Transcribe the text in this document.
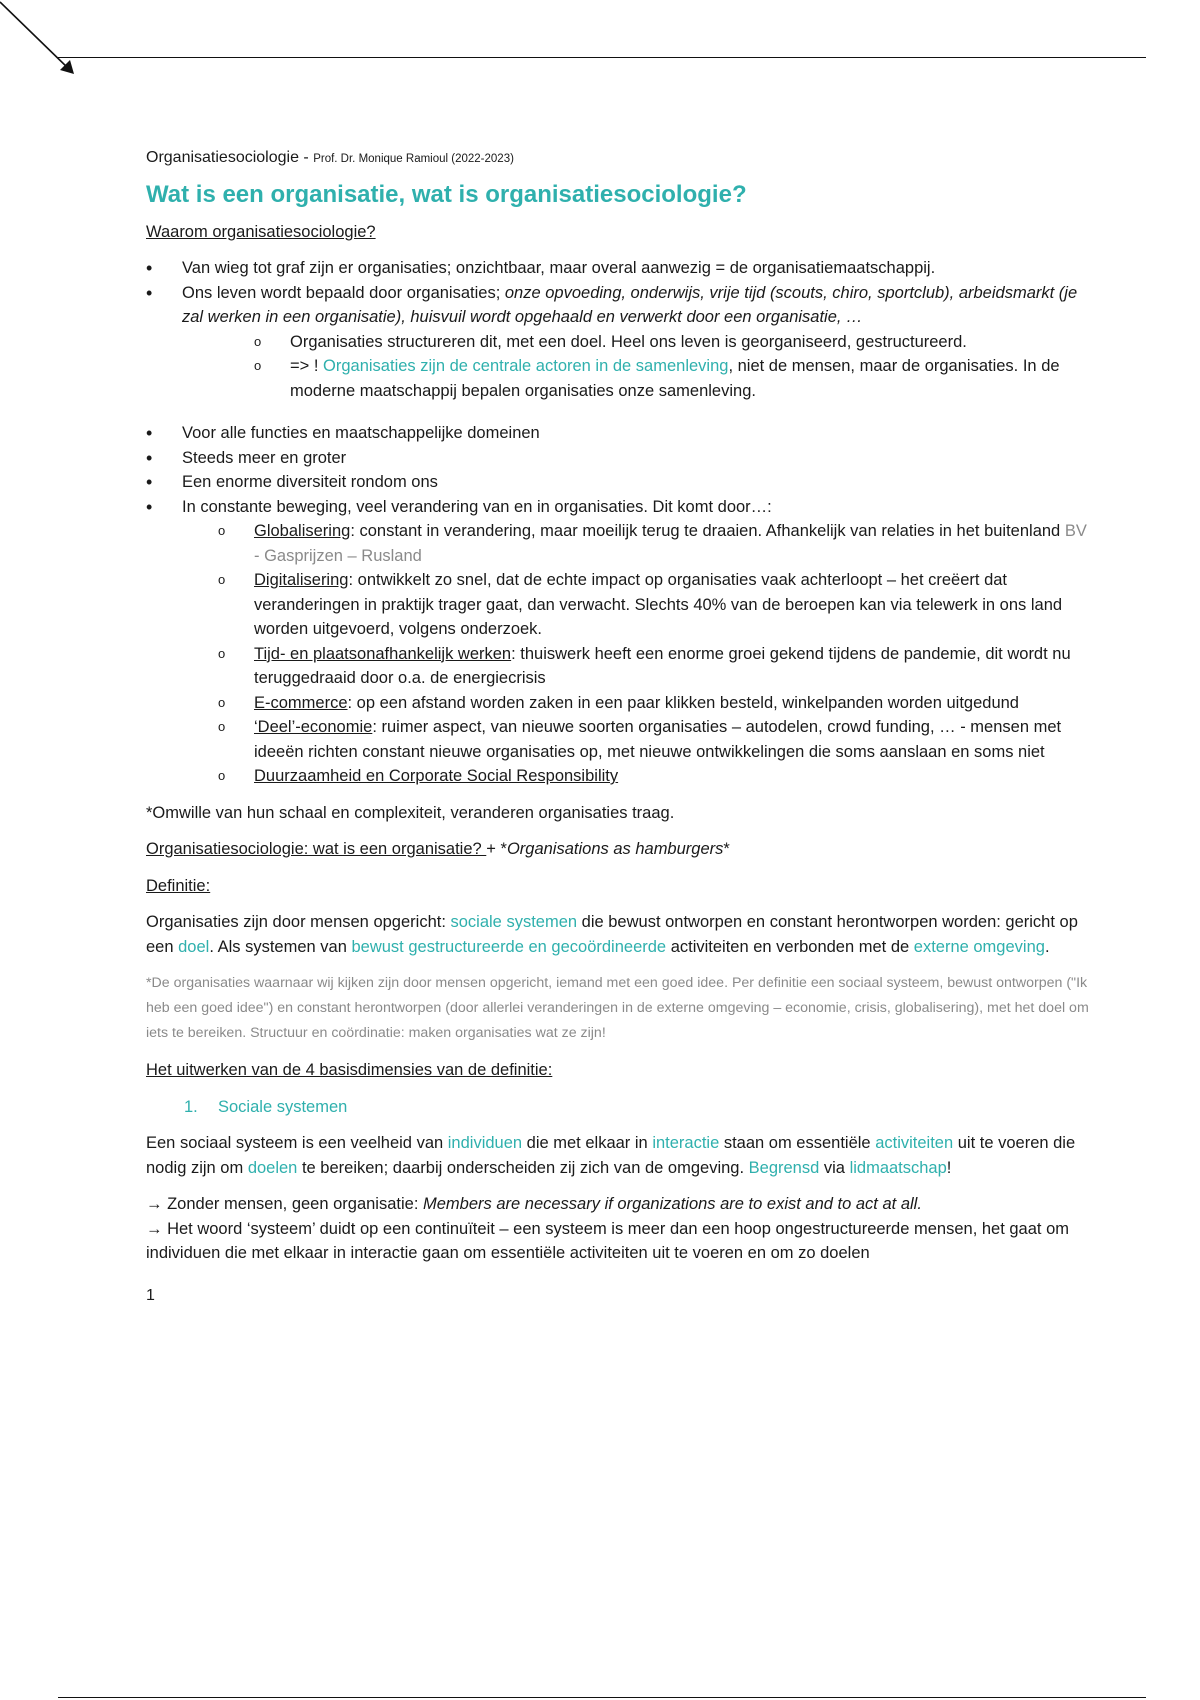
Organisatiesociologie - Prof. Dr. Monique Ramioul (2022-2023)

Wat is een organisatie, wat is organisatiesociologie?

Waarom organisatiesociologie?

• Van wieg tot graf zijn er organisaties; onzichtbaar, maar overal aanwezig = de organisatiemaatschappij.
• Ons leven wordt bepaald door organisaties; onze opvoeding, onderwijs, vrije tijd (scouts, chiro, sportclub), arbeidsmarkt (je zal werken in een organisatie), huisvuil wordt opgehaald en verwerkt door een organisatie, …
o Organisaties structureren dit, met een doel. Heel ons leven is georganiseerd, gestructureerd.
o => ! Organisaties zijn de centrale actoren in de samenleving, niet de mensen, maar de organisaties. In de moderne maatschappij bepalen organisaties onze samenleving.
• Voor alle functies en maatschappelijke domeinen
• Steeds meer en groter
• Een enorme diversiteit rondom ons
• In constante beweging, veel verandering van en in organisaties. Dit komt door…:
o Globalisering: constant in verandering, maar moeilijk terug te draaien. Afhankelijk van relaties in het buitenland BV - Gasprijzen – Rusland
o Digitalisering: ontwikkelt zo snel, dat de echte impact op organisaties vaak achterloopt – het creëert dat veranderingen in praktijk trager gaat, dan verwacht. Slechts 40% van de beroepen kan via telewerk in ons land worden uitgevoerd, volgens onderzoek.
o Tijd- en plaatsonafhankelijk werken: thuiswerk heeft een enorme groei gekend tijdens de pandemie, dit wordt nu teruggedraaid door o.a. de energiecrisis
o E-commerce: op een afstand worden zaken in een paar klikken besteld, winkelpanden worden uitgedund
o ‘Deel’-economie: ruimer aspect, van nieuwe soorten organisaties – autodelen, crowd funding, … - mensen met ideeën richten constant nieuwe organisaties op, met nieuwe ontwikkelingen die soms aanslaan en soms niet
o Duurzaamheid en Corporate Social Responsibility

*Omwille van hun schaal en complexiteit, veranderen organisaties traag.

Organisatiesociologie: wat is een organisatie? + *Organisations as hamburgers*

Definitie:

Organisaties zijn door mensen opgericht: sociale systemen die bewust ontworpen en constant herontworpen worden: gericht op een doel. Als systemen van bewust gestructureerde en gecoördineerde activiteiten en verbonden met de externe omgeving.

*De organisaties waarnaar wij kijken zijn door mensen opgericht, iemand met een goed idee. Per definitie een sociaal systeem, bewust ontworpen ("Ik heb een goed idee") en constant herontworpen (door allerlei veranderingen in de externe omgeving – economie, crisis, globalisering), met het doel om iets te bereiken. Structuur en coördinatie: maken organisaties wat ze zijn!

Het uitwerken van de 4 basisdimensies van de definitie:

1. Sociale systemen

Een sociaal systeem is een veelheid van individuen die met elkaar in interactie staan om essentiële activiteiten uit te voeren die nodig zijn om doelen te bereiken; daarbij onderscheiden zij zich van de omgeving. Begrensd via lidmaatschap!

→ Zonder mensen, geen organisatie: Members are necessary if organizations are to exist and to act at all.

→ Het woord ‘systeem’ duidt op een continuïteit – een systeem is meer dan een hoop ongestructureerde mensen, het gaat om individuen die met elkaar in interactie gaan om essentiële activiteiten uit te voeren en om zo doelen

1
